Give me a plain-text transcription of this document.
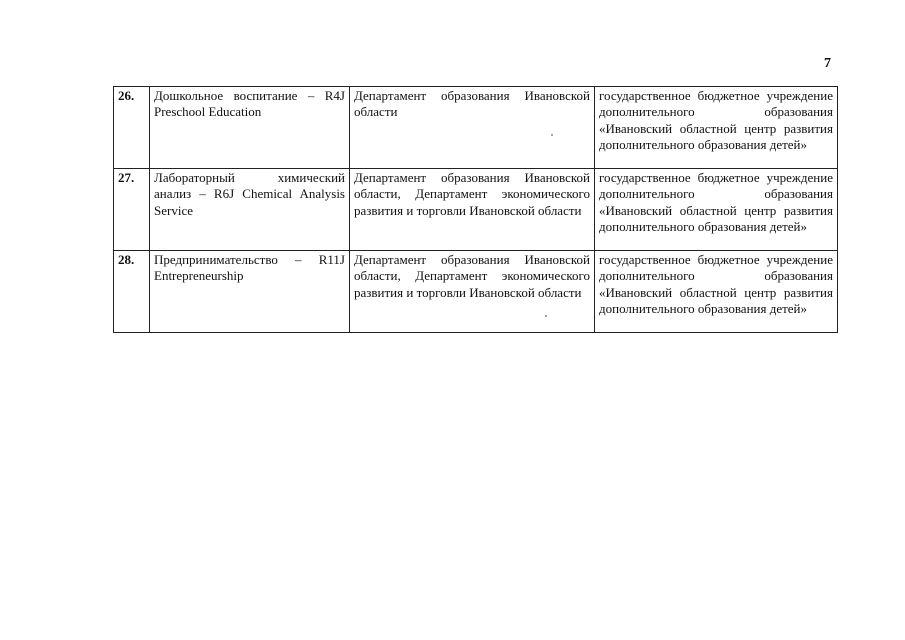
7
26.	Дошкольное воспитание – R4J Preschool Education	Департамент образования Ивановской области	государственное бюджетное учреждение дополнительного образования «Ивановский областной центр развития дополнительного образования детей»
27.	Лабораторный химический анализ – R6J Chemical Analysis Service	Департамент образования Ивановской области, Департамент экономического развития и торговли Ивановской области	государственное бюджетное учреждение дополнительного образования «Ивановский областной центр развития дополнительного образования детей»
28.	Предпринимательство – R11J Entrepreneurship	Департамент образования Ивановской области, Департамент экономического развития и торговли Ивановской области	государственное бюджетное учреждение дополнительного образования «Ивановский областной центр развития дополнительного образования детей»
